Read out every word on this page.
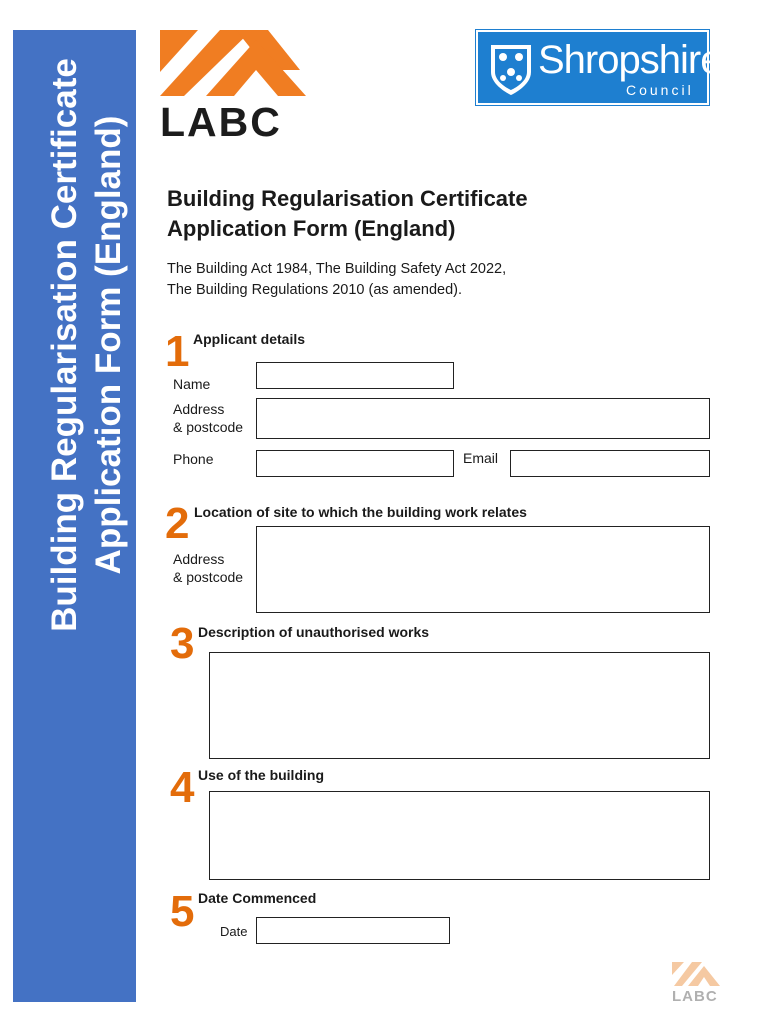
Building Regularisation Certificate Application Form (England) LABC
Shropshire
Council
Building Regularisation Certificate
Application Form (England)
The Building Act 1984, The Building Safety Act 2022,
The Building Regulations 2010 (as amended).
1 Applicant details
Name
Address
& postcode
Phone	Email
2 Location of site to which the building work relates
Address
& postcode
3 Description of unauthorised works
4 Use of the building
5 Date Commenced
Date
LABC
